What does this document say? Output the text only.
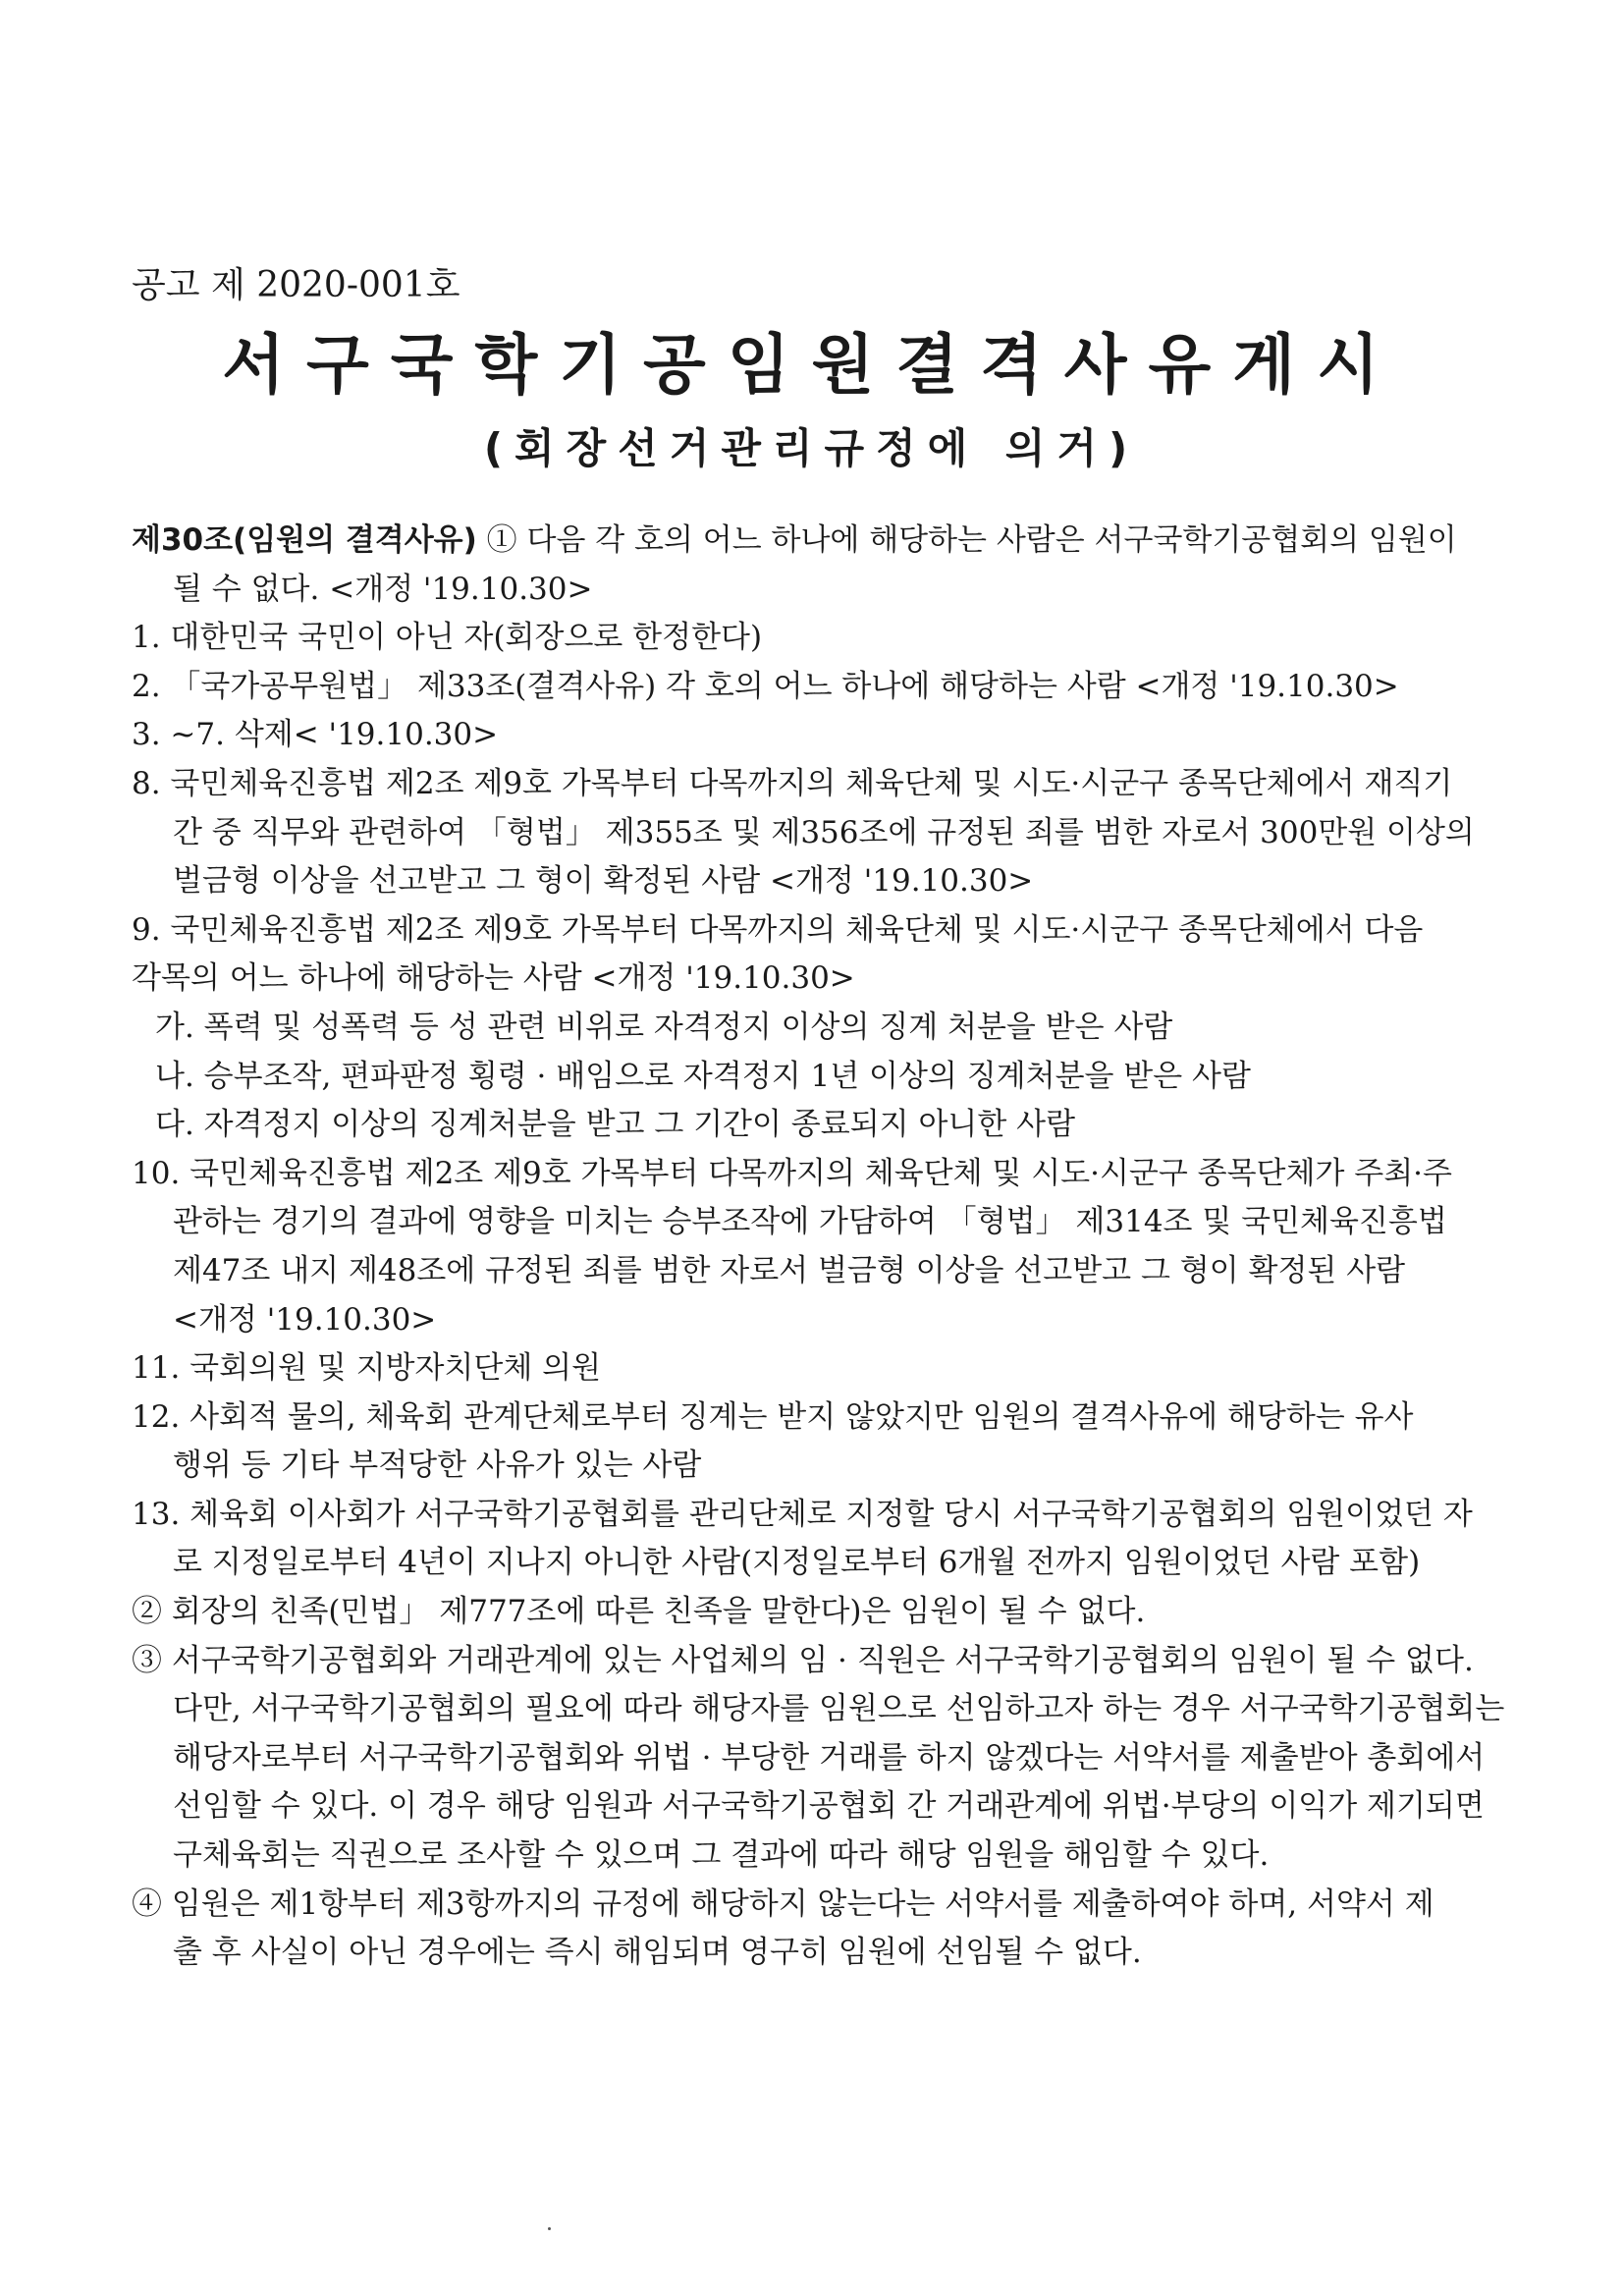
공고 제 2020-001호
서구국학기공임원결격사유게시
(회장선거관리규정에 의거)
제30조(임원의 결격사유) ① 다음 각 호의 어느 하나에 해당하는 사람은 서구국학기공협회의 임원이
될 수 없다. <개정 '19.10.30>
1. 대한민국 국민이 아닌 자(회장으로 한정한다)
2. 「국가공무원법」 제33조(결격사유) 각 호의 어느 하나에 해당하는 사람 <개정 '19.10.30>
3. ~7. 삭제< '19.10.30>
8. 국민체육진흥법 제2조 제9호 가목부터 다목까지의 체육단체 및 시도·시군구 종목단체에서 재직기
간 중 직무와 관련하여 「형법」 제355조 및 제356조에 규정된 죄를 범한 자로서 300만원 이상의
벌금형 이상을 선고받고 그 형이 확정된 사람 <개정 '19.10.30>
9. 국민체육진흥법 제2조 제9호 가목부터 다목까지의 체육단체 및 시도·시군구 종목단체에서 다음
각목의 어느 하나에 해당하는 사람 <개정 '19.10.30>
가. 폭력 및 성폭력 등 성 관련 비위로 자격정지 이상의 징계 처분을 받은 사람
나. 승부조작, 편파판정 횡령 · 배임으로 자격정지 1년 이상의 징계처분을 받은 사람
다. 자격정지 이상의 징계처분을 받고 그 기간이 종료되지 아니한 사람
10. 국민체육진흥법 제2조 제9호 가목부터 다목까지의 체육단체 및 시도·시군구 종목단체가 주최·주
관하는 경기의 결과에 영향을 미치는 승부조작에 가담하여 「형법」 제314조 및 국민체육진흥법
제47조 내지 제48조에 규정된 죄를 범한 자로서 벌금형 이상을 선고받고 그 형이 확정된 사람
<개정 '19.10.30>
11. 국회의원 및 지방자치단체 의원
12. 사회적 물의, 체육회 관계단체로부터 징계는 받지 않았지만 임원의 결격사유에 해당하는 유사
행위 등 기타 부적당한 사유가 있는 사람
13. 체육회 이사회가 서구국학기공협회를 관리단체로 지정할 당시 서구국학기공협회의 임원이었던 자
로 지정일로부터 4년이 지나지 아니한 사람(지정일로부터 6개월 전까지 임원이었던 사람 포함)
② 회장의 친족(민법」 제777조에 따른 친족을 말한다)은 임원이 될 수 없다.
③ 서구국학기공협회와 거래관계에 있는 사업체의 임 · 직원은 서구국학기공협회의 임원이 될 수 없다.
다만, 서구국학기공협회의 필요에 따라 해당자를 임원으로 선임하고자 하는 경우 서구국학기공협회는
해당자로부터 서구국학기공협회와 위법 · 부당한 거래를 하지 않겠다는 서약서를 제출받아 총회에서
선임할 수 있다. 이 경우 해당 임원과 서구국학기공협회 간 거래관계에 위법·부당의 이익가 제기되면
구체육회는 직권으로 조사할 수 있으며 그 결과에 따라 해당 임원을 해임할 수 있다.
④ 임원은 제1항부터 제3항까지의 규정에 해당하지 않는다는 서약서를 제출하여야 하며, 서약서 제
출 후 사실이 아닌 경우에는 즉시 해임되며 영구히 임원에 선임될 수 없다.
